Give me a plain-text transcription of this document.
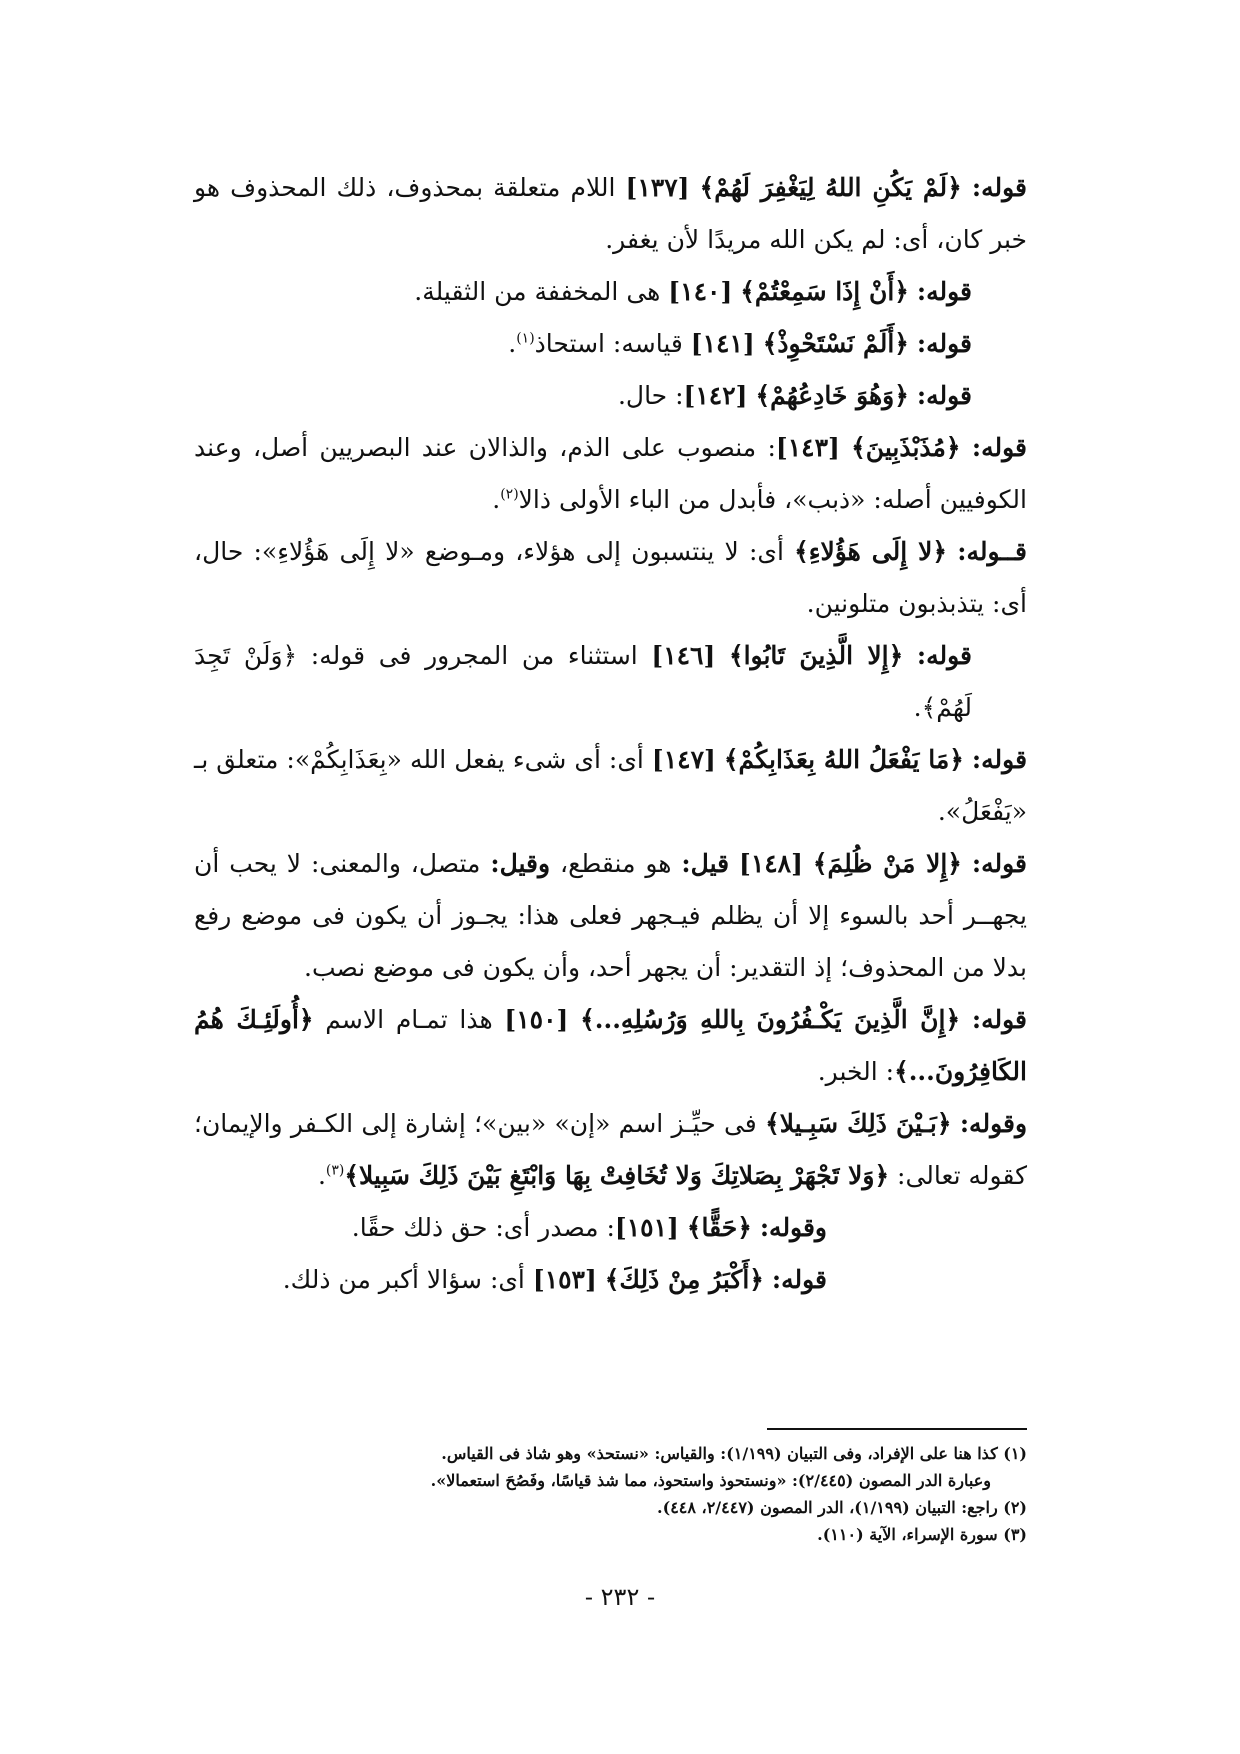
قوله: ﴿لَمْ يَكُنِ اللهُ لِيَغْفِرَ لَهُمْ﴾ [١٣٧] اللام متعلقة بمحذوف، ذلك المحذوف هو خبر كان، أى: لم يكن الله مريدًا لأن يغفر.

قوله: ﴿أَنْ إِذَا سَمِعْتُمْ﴾ [١٤٠] هى المخففة من الثقيلة.

قوله: ﴿أَلَمْ نَسْتَحْوِذْ﴾ [١٤١] قياسه: استحاذ$^{(١)}$.

قوله: ﴿وَهُوَ خَادِعُهُمْ﴾ [١٤٢]: حال.

قوله: ﴿مُذَبْذَبِينَ﴾ [١٤٣]: منصوب على الذم، والذالان عند البصريين أصل، وعند الكوفيين أصله: «ذبب»، فأبدل من الباء الأولى ذالا$^{(٢)}$.

قــوله: ﴿لا إِلَى هَؤُلاءِ﴾ أى: لا ينتسبون إلى هؤلاء، ومـوضع «لا إِلَى هَؤُلاءِ»: حال، أى: يتذبذبون متلونين.

قوله: ﴿إِلا الَّذِينَ تَابُوا﴾ [١٤٦] استثناء من المجرور فى قوله: ﴿وَلَنْ تَجِدَ لَهُمْ﴾.

قوله: ﴿مَا يَفْعَلُ اللهُ بِعَذَابِكُمْ﴾ [١٤٧] أى: أى شىء يفعل الله «بِعَذَابِكُمْ»: متعلق بـ «يَفْعَلُ».

قوله: ﴿إِلا مَنْ ظُلِمَ﴾ [١٤٨] قيل: هو منقطع، وقيل: متصل، والمعنى: لا يحب أن يجهــر أحد بالسوء إلا أن يظلم فيـجهر فعلى هذا: يجـوز أن يكون فى موضع رفع بدلا من المحذوف؛ إذ التقدير: أن يجهر أحد، وأن يكون فى موضع نصب.

قوله: ﴿إِنَّ الَّذِينَ يَكْـفُرُونَ بِاللهِ وَرُسُلِهِ...﴾ [١٥٠] هذا تمـام الاسم ﴿أُولَئِـكَ هُمُ الكَافِرُونَ...﴾: الخبر.

وقوله: ﴿بَـيْنَ ذَلِكَ سَبِـيلا﴾ فى حيِّـز اسم «إن» «بين»؛ إشارة إلى الكـفر والإيمان؛ كقوله تعالى: ﴿وَلا تَجْهَرْ بِصَلاتِكَ وَلا تُخَافِتْ بِهَا وَابْتَغِ بَيْنَ ذَلِكَ سَبِيلا﴾$^{(٣)}$.

وقوله: ﴿حَقًّا﴾ [١٥١]: مصدر أى: حق ذلك حقًا.

قوله: ﴿أَكْبَرُ مِنْ ذَلِكَ﴾ [١٥٣] أى: سؤالا أكبر من ذلك.

(١) كذا هنا على الإفراد، وفى التبيان (١/١٩٩): والقياس: «نستحذ» وهو شاذ فى القياس.

وعبارة الدر المصون (٢/٤٤٥): «ونستحوذ واستحوذ، مما شذ قياسًا، وفَصُحَ استعمالا».

(٢) راجع: التبيان (١/١٩٩)، الدر المصون (٢/٤٤٧، ٤٤٨).

(٣) سورة الإسراء، الآية (١١٠).

- ٢٣٢ -
